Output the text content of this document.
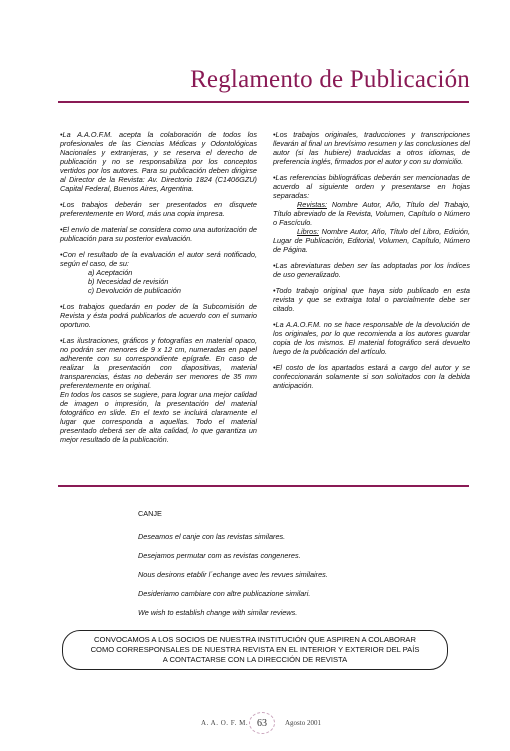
Reglamento de Publicación

•La A.A.O.F.M. acepta la colaboración de todos los profesionales de las Ciencias Médicas y Odontológicas Nacionales y extranjeras, y se reserva el derecho de publicación y no se responsabiliza por los conceptos vertidos por los autores. Para su publicación deben dirigirse al Director de la Revista: Av. Directorio 1824 (C1406GZU) Capital Federal, Buenos Aires, Argentina.

•Los trabajos deberán ser presentados en disquete preferentemente en Word, más una copia impresa.

•El envío de material se considera como una autorización de publicación para su posterior evaluación.

•Con el resultado de la evaluación el autor será notificado, según el caso, de su:

a) Aceptación
b) Necesidad de revisión
c) Devolución de publicación

•Los trabajos quedarán en poder de la Subcomisión de Revista y ésta podrá publicarlos de acuerdo con el sumario oportuno.

•Las ilustraciones, gráficos y fotografías en material opaco, no podrán ser menores de 9 x 12 cm, numeradas en papel adherente con su correspondiente epígrafe. En caso de realizar la presentación con diapositivas, material transparencias, éstas no deberán ser menores de 35 mm preferentemente en original.

En todos los casos se sugiere, para lograr una mejor calidad de imagen o impresión, la presentación del material fotográfico en slide. En el texto se incluirá claramente el lugar que corresponda a aquellas. Todo el material presentado deberá ser de alta calidad, lo que garantiza un mejor resultado de la publicación.

•Los trabajos originales, traducciones y transcripciones llevarán al final un brevísimo resumen y las conclusiones del autor (si las hubiere) traducidas a otros idiomas, de preferencia inglés, firmados por el autor y con su domicilio.

•Las referencias bibliográficas deberán ser mencionadas de acuerdo al siguiente orden y presentarse en hojas separadas:

Revistas: Nombre Autor, Año, Título del Trabajo, Título abreviado de la Revista, Volumen, Capítulo o Número o Fascículo.

Libros: Nombre Autor, Año, Título del Libro, Edición, Lugar de Publicación, Editorial, Volumen, Capítulo, Número de Página.

•Las abreviaturas deben ser las adoptadas por los índices de uso generalizado.

•Todo trabajo original que haya sido publicado en esta revista y que se extraiga total o parcialmente debe ser citado.

•La A.A.O.F.M. no se hace responsable de la devolución de los originales, por lo que recomienda a los autores guardar copia de los mismos. El material fotográfico será devuelto luego de la publicación del artículo.

•El costo de los apartados estará a cargo del autor y se confeccionarán solamente si son solicitados con la debida anticipación.

CANJE

Deseamos el canje con las revistas similares.

Desejamos permutar com as revistas congeneres.

Nous desirons etablir l´echange avec les revues similaires.

Desideriamo cambiare con altre publicazione similari.

We wish to establish change with similar reviews.

CONVOCAMOS A LOS SOCIOS DE NUESTRA INSTITUCIÓN QUE ASPIREN A COLABORAR
COMO CORRESPONSALES DE NUESTRA REVISTA EN EL INTERIOR Y EXTERIOR DEL PAÍS
A CONTACTARSE CON LA DIRECCIÓN DE REVISTA
A. A. O. F. M. 63	Agosto 2001
